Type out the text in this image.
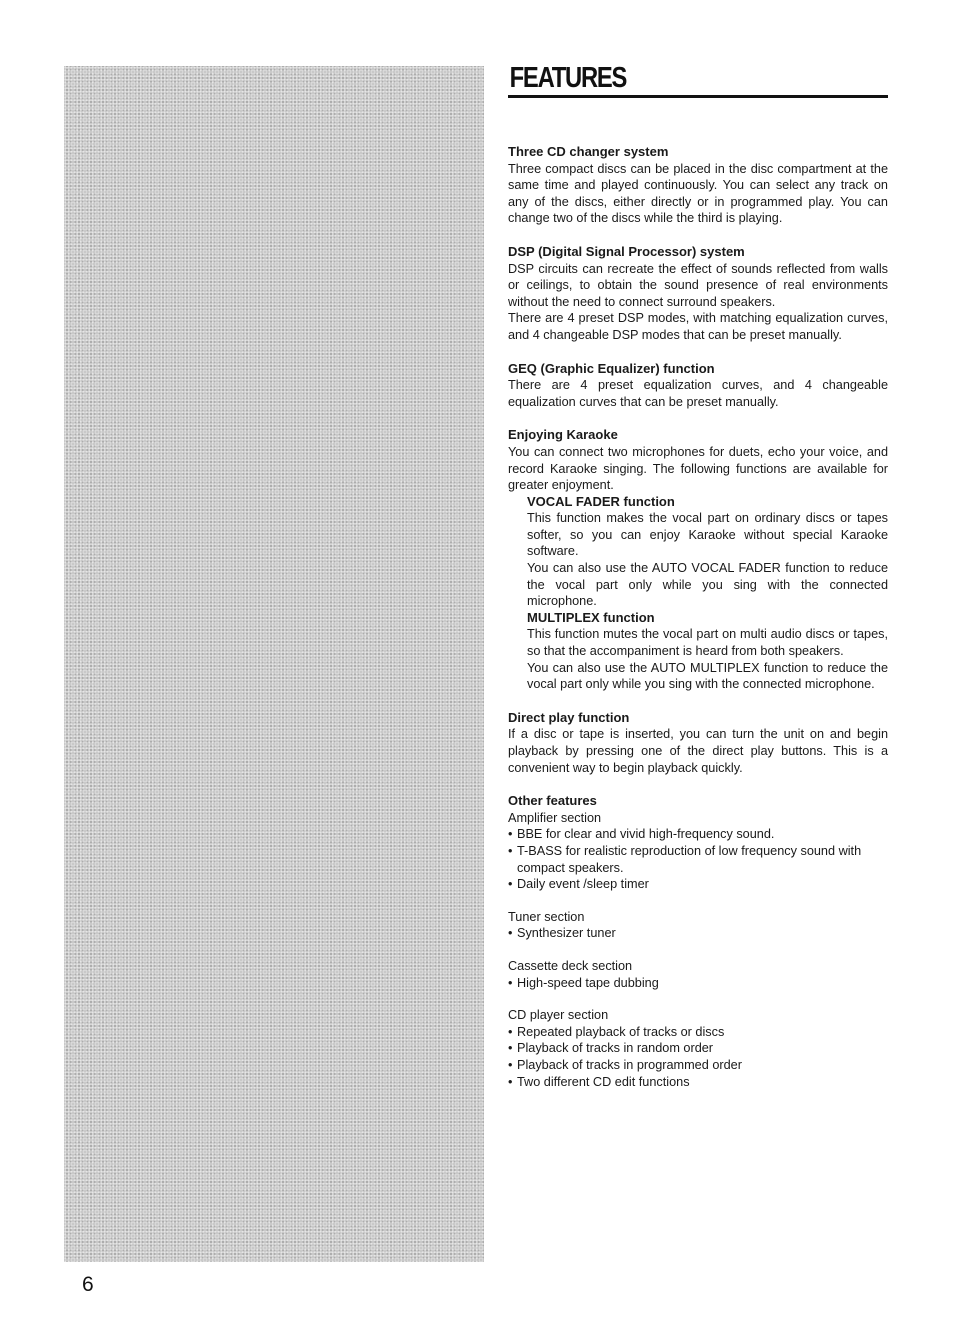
FEATURES

Three CD changer system

Three compact discs can be placed in the disc compartment at the same time and played continuously. You can select any track on any of the discs, either directly or in programmed play. You can change two of the discs while the third is playing.

DSP (Digital Signal Processor) system

DSP circuits can recreate the effect of sounds reflected from walls or ceilings, to obtain the sound presence of real environments without the need to connect surround speakers.

There are 4 preset DSP modes, with matching equalization curves, and 4 changeable DSP modes that can be preset manually.

GEQ (Graphic Equalizer) function

There are 4 preset equalization curves, and 4 changeable equalization curves that can be preset manually.

Enjoying Karaoke

You can connect two microphones for duets, echo your voice, and record Karaoke singing. The following functions are available for greater enjoyment.

VOCAL FADER function

This function makes the vocal part on ordinary discs or tapes softer, so you can enjoy Karaoke without special Karaoke software.

You can also use the AUTO VOCAL FADER function to reduce the vocal part only while you sing with the connected microphone.

MULTIPLEX function

This function mutes the vocal part on multi audio discs or tapes, so that the accompaniment is heard from both speakers.

You can also use the AUTO MULTIPLEX function to reduce the vocal part only while you sing with the connected microphone.

Direct play function

If a disc or tape is inserted, you can turn the unit on and begin playback by pressing one of the direct play buttons. This is a convenient way to begin playback quickly.

Other features

Amplifier section

• BBE for clear and vivid high-frequency sound.
• T-BASS for realistic reproduction of low frequency sound with compact speakers.
• Daily event /sleep timer

Tuner section

• Synthesizer tuner

Cassette deck section

• High-speed tape dubbing

CD player section

• Repeated playback of tracks or discs
• Playback of tracks in random order
• Playback of tracks in programmed order
• Two different CD edit functions
6
